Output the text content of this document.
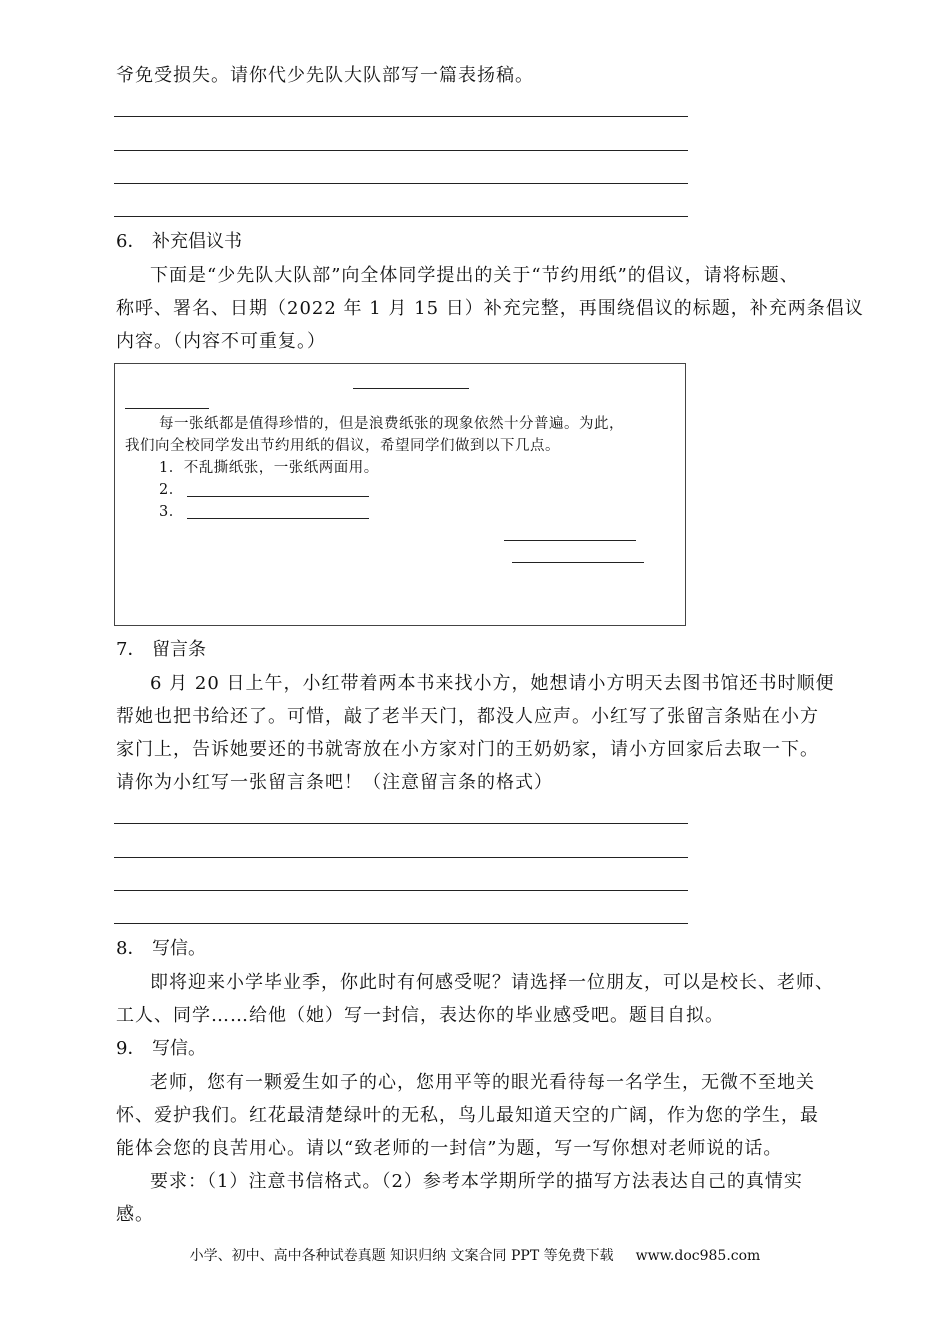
爷免受损失。请你代少先队大队部写一篇表扬稿。
6． 补充倡议书
下面是“少先队大队部”向全体同学提出的关于“节约用纸”的倡议，请将标题、
称呼、署名、日期（2022 年 1 月 15 日）补充完整，再围绕倡议的标题，补充两条倡议
内容。（内容不可重复。）
每一张纸都是值得珍惜的，但是浪费纸张的现象依然十分普遍。为此，
我们向全校同学发出节约用纸的倡议，希望同学们做到以下几点。
1．不乱撕纸张，一张纸两面用。
2．
3．
7． 留言条
6 月 20 日上午，小红带着两本书来找小方，她想请小方明天去图书馆还书时顺便
帮她也把书给还了。可惜，敲了老半天门，都没人应声。小红写了张留言条贴在小方
家门上，告诉她要还的书就寄放在小方家对门的王奶奶家，请小方回家后去取一下。
请你为小红写一张留言条吧！（注意留言条的格式）
8． 写信。
即将迎来小学毕业季，你此时有何感受呢？请选择一位朋友，可以是校长、老师、
工人、同学……给他（她）写一封信，表达你的毕业感受吧。题目自拟。
9． 写信。
老师，您有一颗爱生如子的心，您用平等的眼光看待每一名学生，无微不至地关
怀、爱护我们。红花最清楚绿叶的无私，鸟儿最知道天空的广阔，作为您的学生，最
能体会您的良苦用心。请以“致老师的一封信”为题，写一写你想对老师说的话。
要求：（1）注意书信格式。（2）参考本学期所学的描写方法表达自己的真情实
感。
小学、初中、高中各种试卷真题 知识归纳 文案合同 PPT 等免费下载 www.doc985.com
